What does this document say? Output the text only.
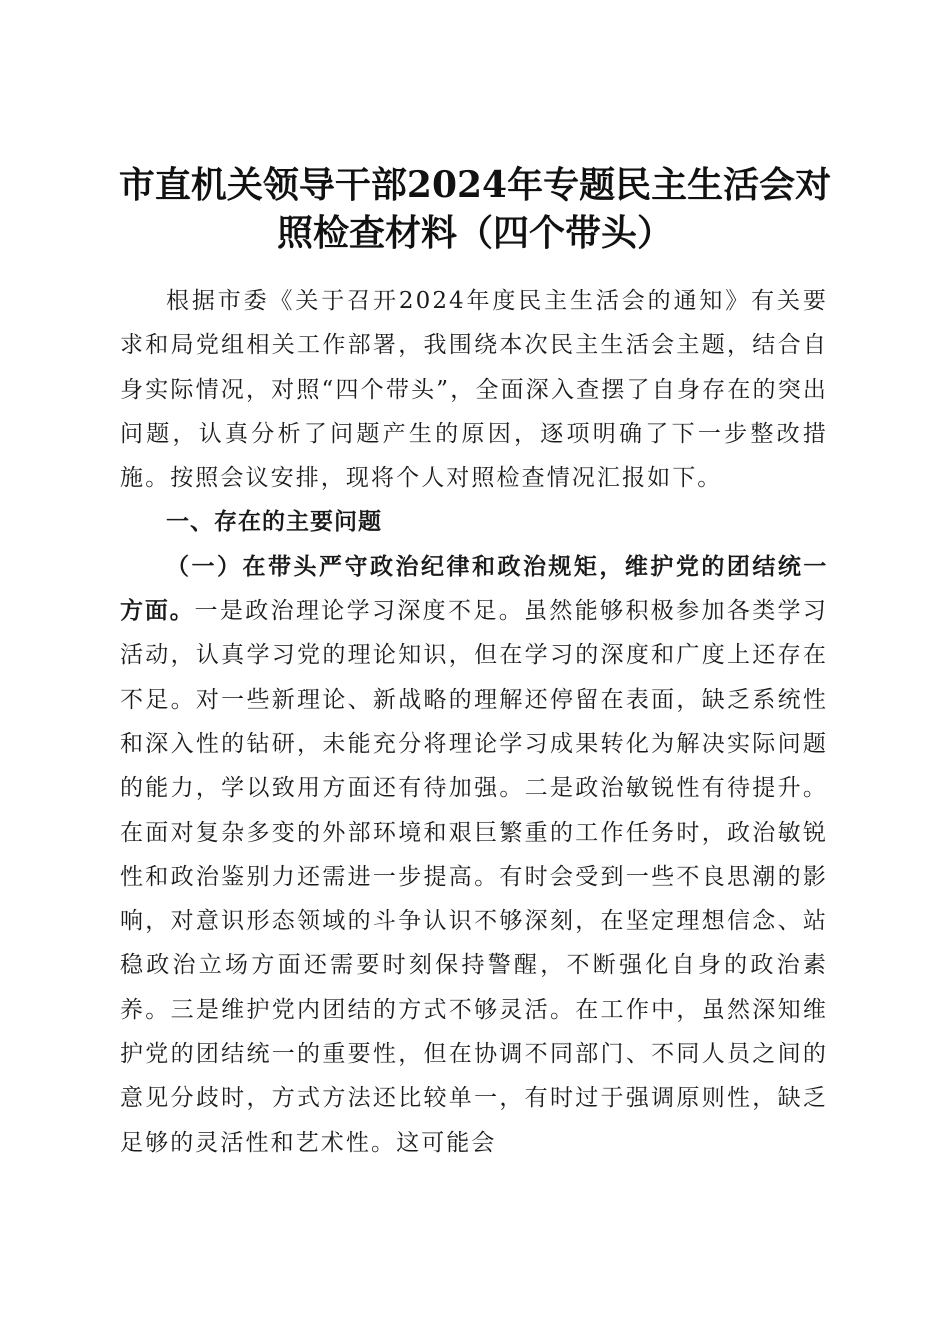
市直机关领导干部2024年专题民主生活会对
照检查材料（四个带头）

根据市委《关于召开2024年度民主生活会的通知》有关要求和局党组相关工作部署，我围绕本次民主生活会主题，结合自身实际情况，对照“四个带头”，全面深入查摆了自身存在的突出问题，认真分析了问题产生的原因，逐项明确了下一步整改措施。按照会议安排，现将个人对照检查情况汇报如下。

一、存在的主要问题

（一）在带头严守政治纪律和政治规矩，维护党的团结统一方面。一是政治理论学习深度不足。虽然能够积极参加各类学习活动，认真学习党的理论知识，但在学习的深度和广度上还存在不足。对一些新理论、新战略的理解还停留在表面，缺乏系统性和深入性的钻研，未能充分将理论学习成果转化为解决实际问题的能力，学以致用方面还有待加强。二是政治敏锐性有待提升。在面对复杂多变的外部环境和艰巨繁重的工作任务时，政治敏锐性和政治鉴别力还需进一步提高。有时会受到一些不良思潮的影响，对意识形态领域的斗争认识不够深刻，在坚定理想信念、站稳政治立场方面还需要时刻保持警醒，不断强化自身的政治素养。三是维护党内团结的方式不够灵活。在工作中，虽然深知维护党的团结统一的重要性，但在协调不同部门、不同人员之间的意见分歧时，方式方法还比较单一，有时过于强调原则性，缺乏足够的灵活性和艺术性。这可能会
